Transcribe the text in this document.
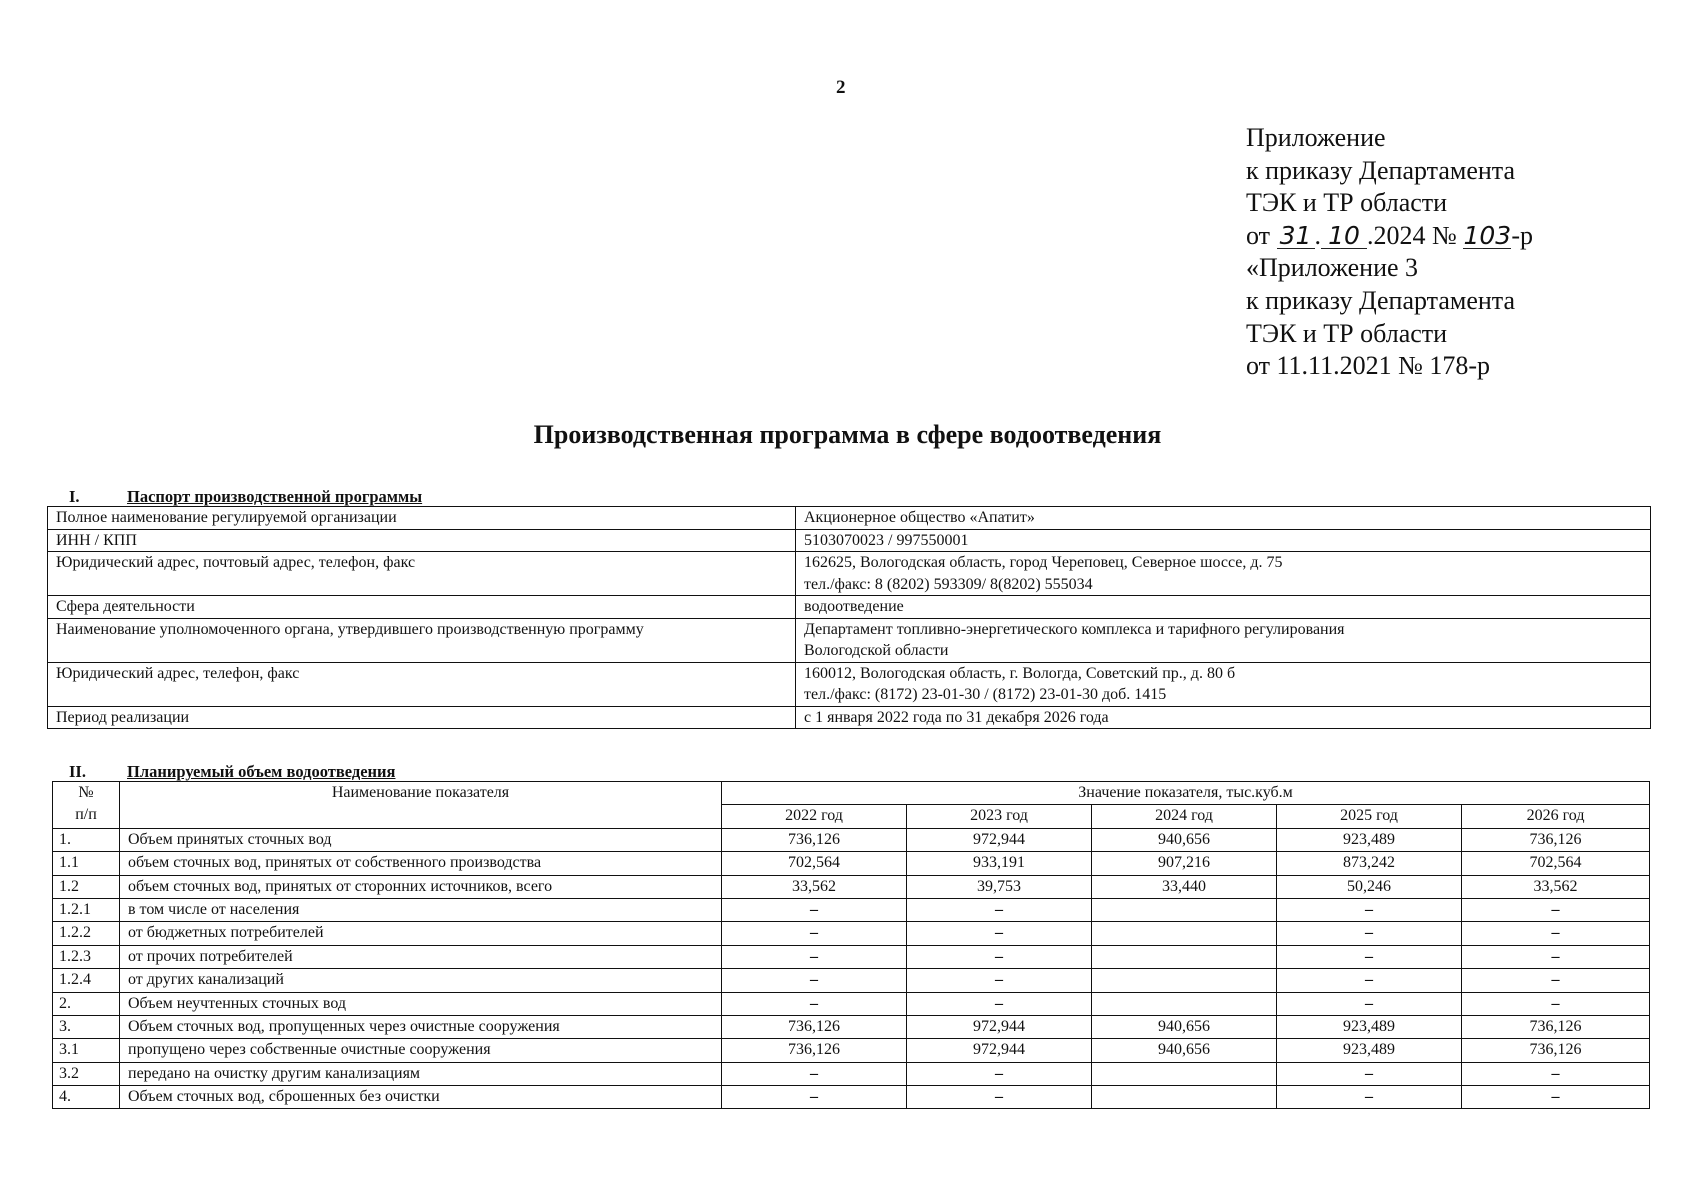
2
Приложение
к приказу Департамента
ТЭК и ТР области
от 31 . 10 .2024 № 103-р
«Приложение 3
к приказу Департамента
ТЭК и ТР области
от 11.11.2021 № 178-р
Производственная программа в сфере водоотведения
I.	Паспорт производственной программы
Полное наименование регулируемой организации	Акционерное общество «Апатит»

ИНН / КПП	5103070023 / 997550001

Юридический адрес, почтовый адрес, телефон, факс	162625, Вологодская область, город Череповец, Северное шоссе, д. 75
тел./факс: 8 (8202) 593309/ 8(8202) 555034

Сфера деятельности	водоотведение

Наименование уполномоченного органа, утвердившего производственную программу	Департамент топливно-энергетического комплекса и тарифного регулирования
Вологодской области

Юридический адрес, телефон, факс	160012, Вологодская область, г. Вологда, Советский пр., д. 80 б
тел./факс: (8172) 23-01-30 / (8172) 23-01-30 доб. 1415

Период реализации	с 1 января 2022 года по 31 декабря 2026 года
II. Планируемый объем водоотведения
№
п/п	Наименование показателя	Значение показателя, тыс.куб.м				
		2022 год	2023 год	2024 год	2025 год	2026 год
1.	Объем принятых сточных вод	736,126	972,944	940,656	923,489	736,126
1.1	объем сточных вод, принятых от собственного производства	702,564	933,191	907,216	873,242	702,564
1.2	объем сточных вод, принятых от сторонних источников, всего	33,562	39,753	33,440	50,246	33,562
1.2.1	в том числе от населения	–	–		–	–
1.2.2	от бюджетных потребителей	–	–		–	–
1.2.3	от прочих потребителей	–	–		–	–
1.2.4	от других канализаций	–	–		–	–
2.	Объем неучтенных сточных вод	–	–		–	–
3.	Объем сточных вод, пропущенных через очистные сооружения	736,126	972,944	940,656	923,489	736,126
3.1	пропущено через собственные очистные сооружения	736,126	972,944	940,656	923,489	736,126
3.2	передано на очистку другим канализациям	–	–		–	–
4.	Объем сточных вод, сброшенных без очистки	–	–		–	–
